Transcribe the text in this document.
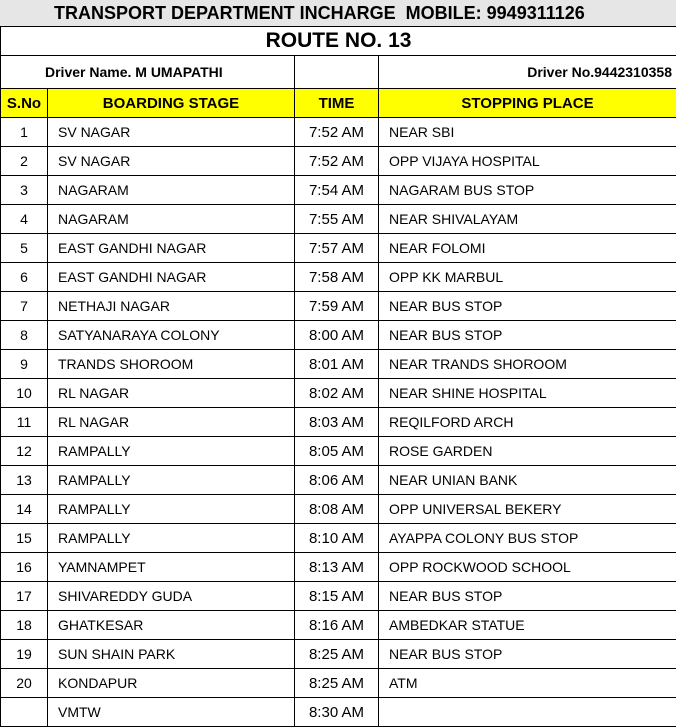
TRANSPORT DEPARTMENT INCHARGE  MOBILE: 9949311126
ROUTE NO. 13			
Driver Name. M UMAPATHI			Driver No.9442310358
S.No	BOARDING STAGE	TIME	STOPPING PLACE
1	SV NAGAR	7:52 AM	NEAR SBI
2	SV NAGAR	7:52 AM	OPP VIJAYA HOSPITAL
3	NAGARAM	7:54 AM	NAGARAM BUS STOP
4	NAGARAM	7:55 AM	NEAR SHIVALAYAM
5	EAST GANDHI NAGAR	7:57 AM	NEAR FOLOMI
6	EAST GANDHI NAGAR	7:58 AM	OPP KK MARBUL
7	NETHAJI NAGAR	7:59 AM	NEAR BUS STOP
8	SATYANARAYA COLONY	8:00 AM	NEAR BUS STOP
9	TRANDS SHOROOM	8:01 AM	NEAR TRANDS SHOROOM
10	RL NAGAR	8:02 AM	NEAR SHINE HOSPITAL
11	RL NAGAR	8:03 AM	REQILFORD ARCH
12	RAMPALLY	8:05 AM	ROSE GARDEN
13	RAMPALLY	8:06 AM	NEAR UNIAN BANK
14	RAMPALLY	8:08 AM	OPP UNIVERSAL BEKERY
15	RAMPALLY	8:10 AM	AYAPPA COLONY BUS STOP
16	YAMNAMPET	8:13 AM	OPP ROCKWOOD SCHOOL
17	SHIVAREDDY GUDA	8:15 AM	NEAR BUS STOP
18	GHATKESAR	8:16 AM	AMBEDKAR STATUE
19	SUN SHAIN PARK	8:25 AM	NEAR BUS STOP
20	KONDAPUR	8:25 AM	ATM
	VMTW	8:30 AM	
